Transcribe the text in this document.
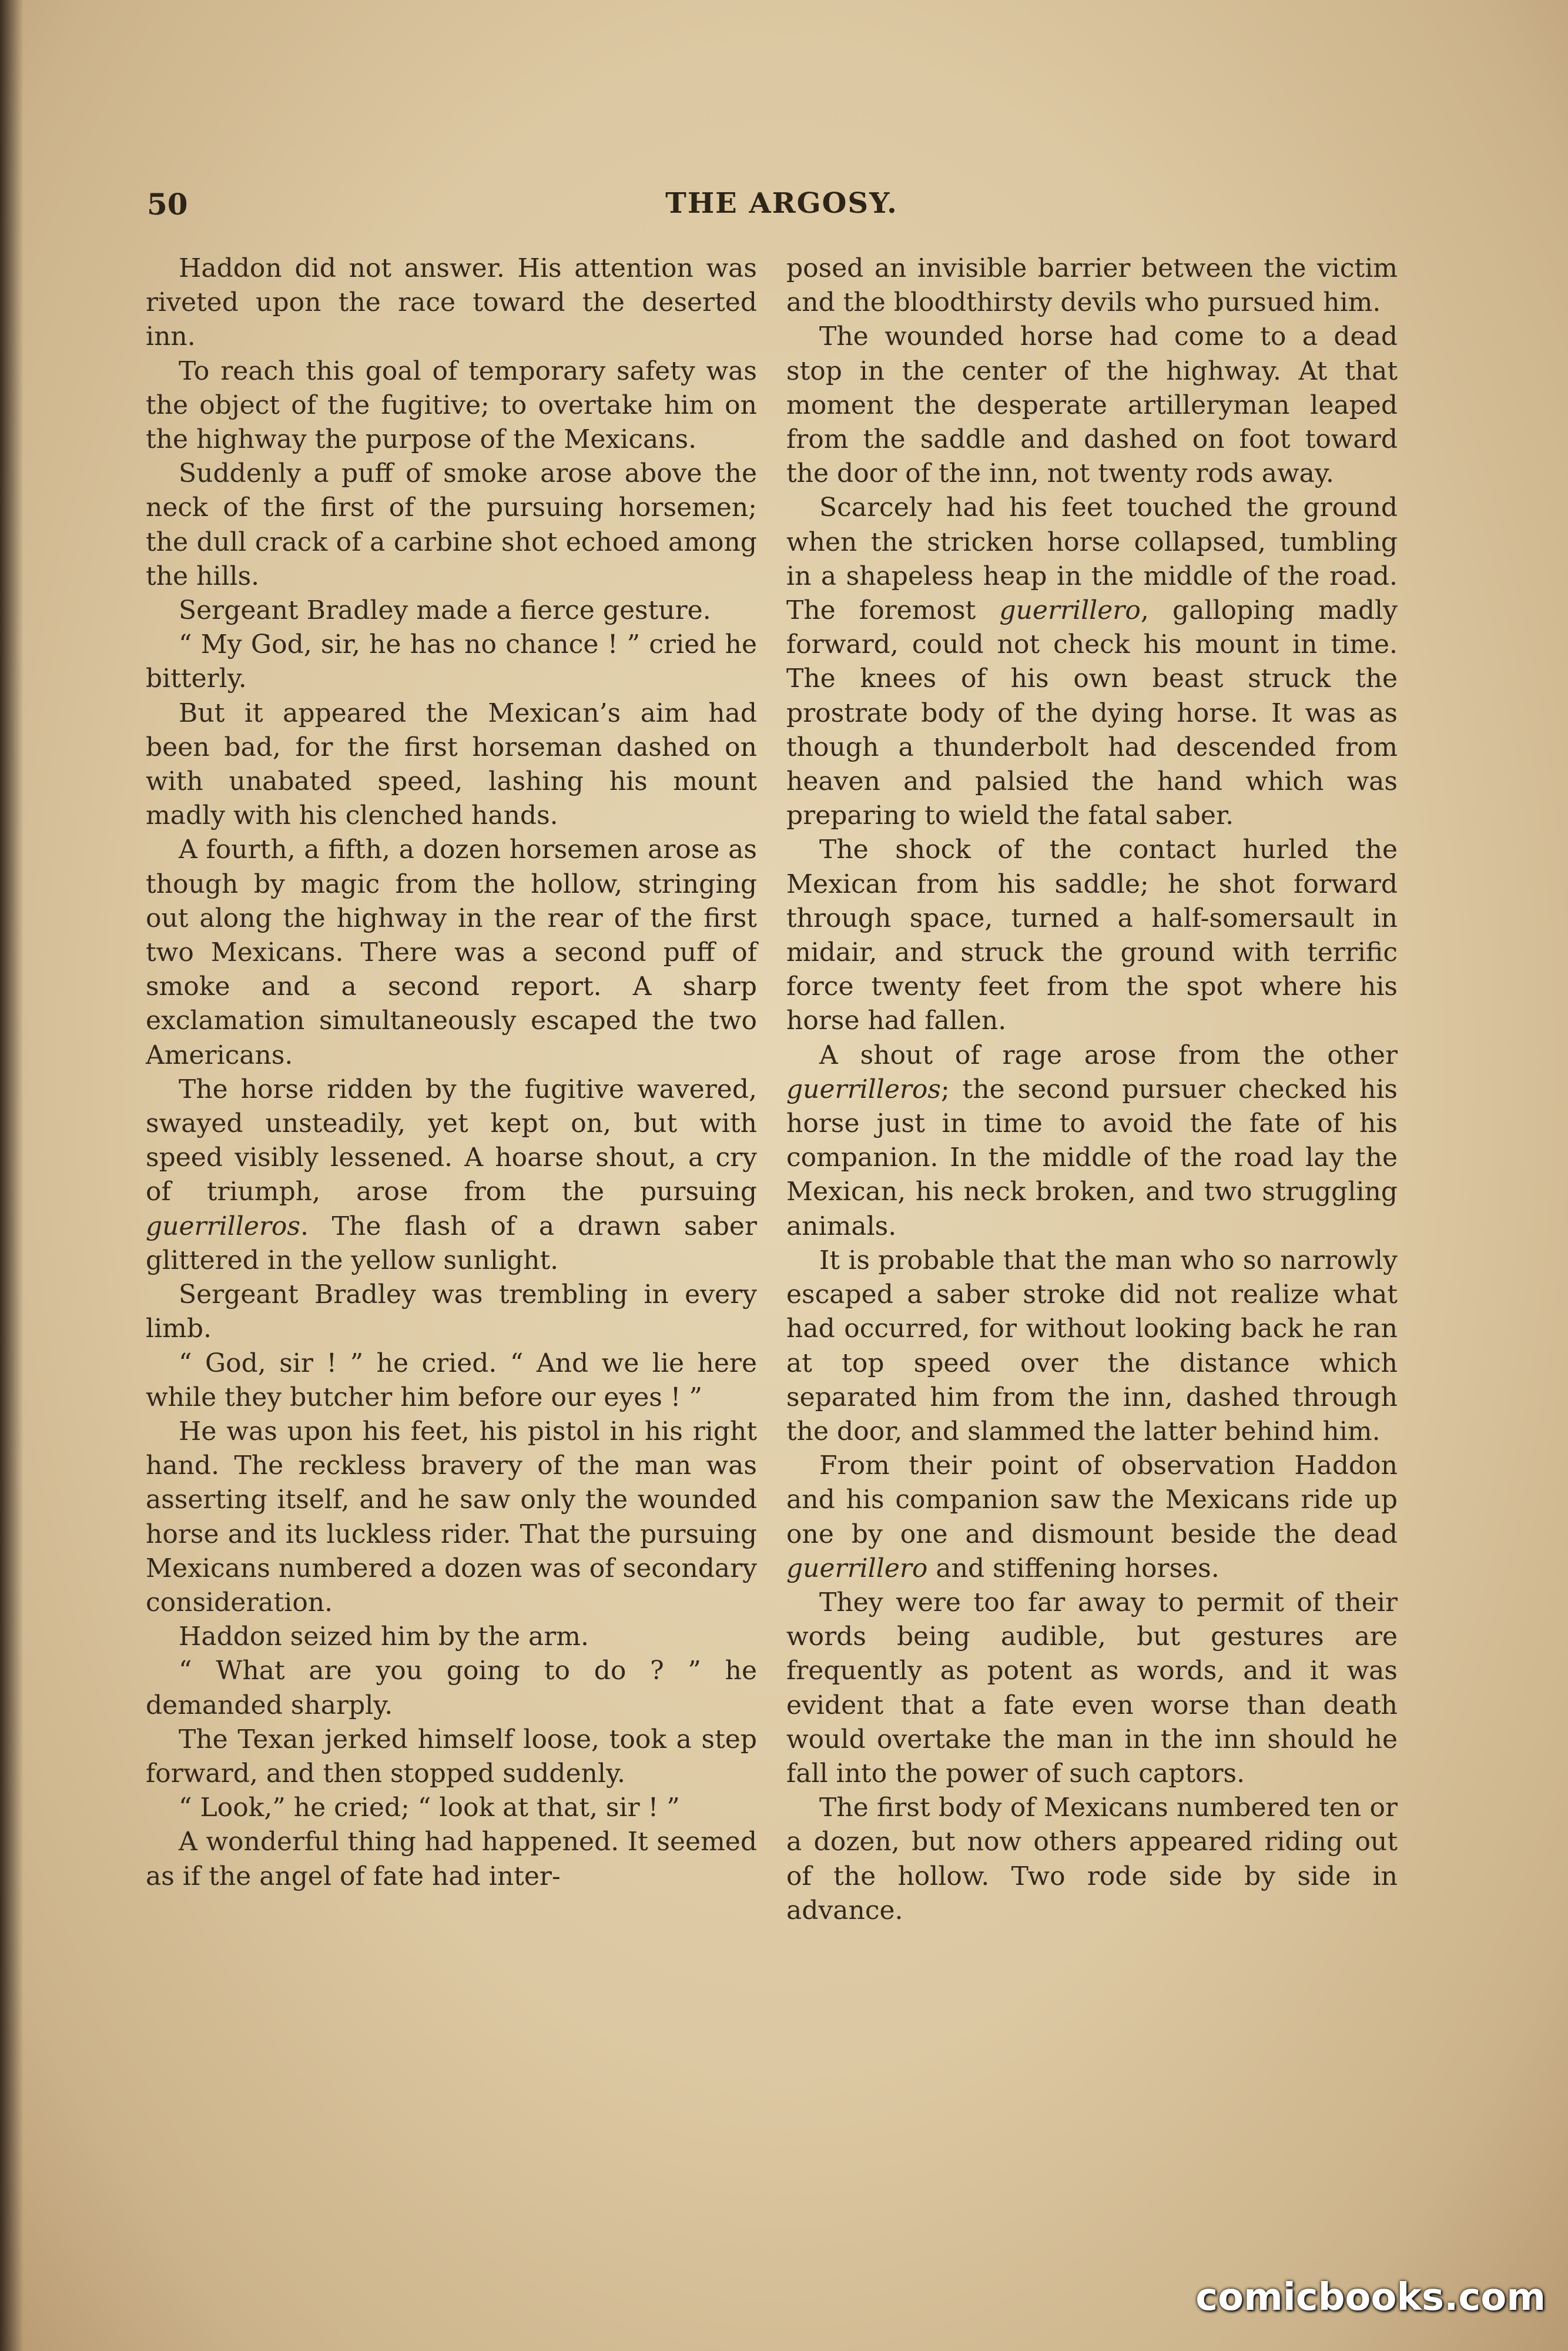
50	THE ARGOSY.

Haddon did not answer. His attention was riveted upon the race toward the deserted inn.

To reach this goal of temporary safety was the object of the fugitive; to overtake him on the highway the purpose of the Mexicans.

Suddenly a puff of smoke arose above the neck of the first of the pursuing horsemen; the dull crack of a carbine shot echoed among the hills.

Sergeant Bradley made a fierce gesture.

“ My God, sir, he has no chance ! ” cried he bitterly.

But it appeared the Mexican’s aim had been bad, for the first horseman dashed on with unabated speed, lashing his mount madly with his clenched hands.

A fourth, a fifth, a dozen horsemen arose as though by magic from the hollow, stringing out along the highway in the rear of the first two Mexicans. There was a second puff of smoke and a second report. A sharp exclamation simultaneously escaped the two Americans.

The horse ridden by the fugitive wavered, swayed unsteadily, yet kept on, but with speed visibly lessened. A hoarse shout, a cry of triumph, arose from the pursuing guerrilleros. The flash of a drawn saber glittered in the yellow sunlight.

Sergeant Bradley was trembling in every limb.

“ God, sir ! ” he cried. “ And we lie here while they butcher him before our eyes ! ”

He was upon his feet, his pistol in his right hand. The reckless bravery of the man was asserting itself, and he saw only the wounded horse and its luckless rider. That the pursuing Mexicans numbered a dozen was of secondary consideration.

Haddon seized him by the arm.

“ What are you going to do ? ” he demanded sharply.

The Texan jerked himself loose, took a step forward, and then stopped suddenly.

“ Look,” he cried; “ look at that, sir ! ”

A wonderful thing had happened. It seemed as if the angel of fate had inter-

posed an invisible barrier between the victim and the bloodthirsty devils who pursued him.

The wounded horse had come to a dead stop in the center of the highway. At that moment the desperate artilleryman leaped from the saddle and dashed on foot toward the door of the inn, not twenty rods away.

Scarcely had his feet touched the ground when the stricken horse collapsed, tumbling in a shapeless heap in the middle of the road. The foremost guerrillero, galloping madly forward, could not check his mount in time. The knees of his own beast struck the prostrate body of the dying horse. It was as though a thunderbolt had descended from heaven and palsied the hand which was preparing to wield the fatal saber.

The shock of the contact hurled the Mexican from his saddle; he shot forward through space, turned a half-somersault in midair, and struck the ground with terrific force twenty feet from the spot where his horse had fallen.

A shout of rage arose from the other guerrilleros; the second pursuer checked his horse just in time to avoid the fate of his companion. In the middle of the road lay the Mexican, his neck broken, and two struggling animals.

It is probable that the man who so narrowly escaped a saber stroke did not realize what had occurred, for without looking back he ran at top speed over the distance which separated him from the inn, dashed through the door, and slammed the latter behind him.

From their point of observation Haddon and his companion saw the Mexicans ride up one by one and dismount beside the dead guerrillero and stiffening horses.

They were too far away to permit of their words being audible, but gestures are frequently as potent as words, and it was evident that a fate even worse than death would overtake the man in the inn should he fall into the power of such captors.

The first body of Mexicans numbered ten or a dozen, but now others appeared riding out of the hollow. Two rode side by side in advance.

comicbooks.com
